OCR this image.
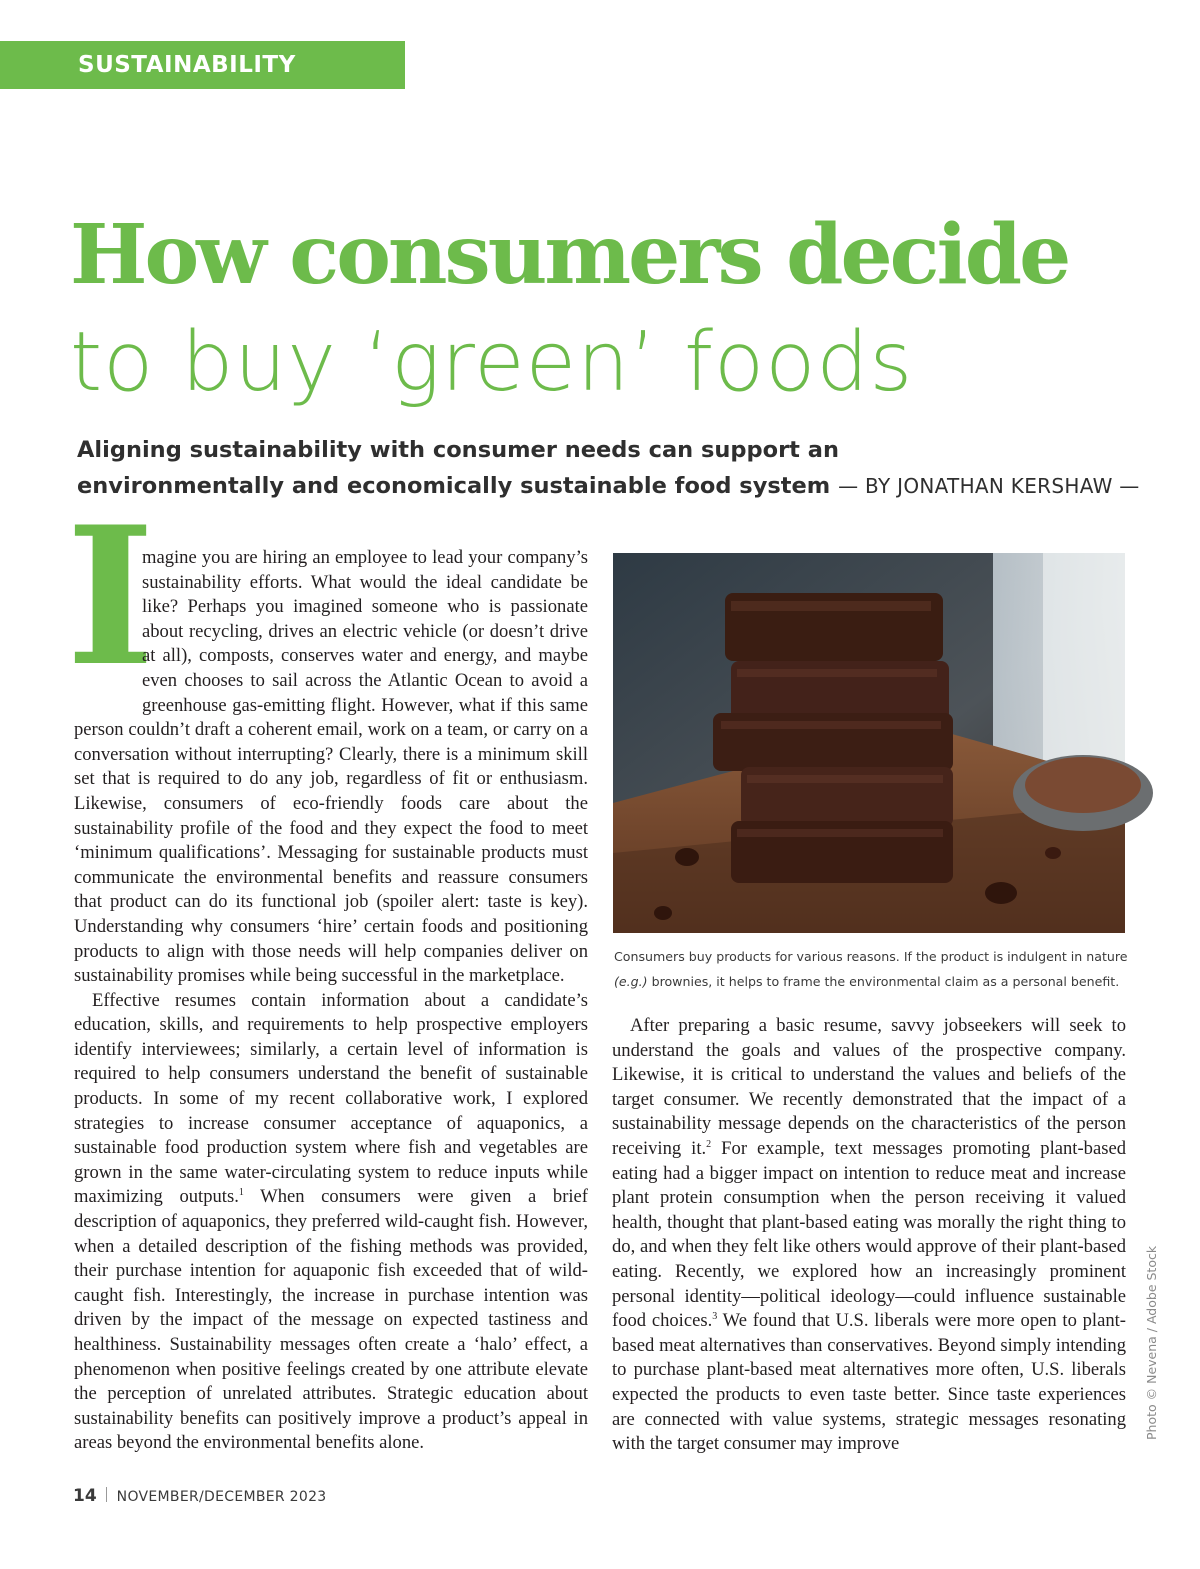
SUSTAINABILITY
How consumers decide
to buy ‘green’ foods
Aligning sustainability with consumer needs can support an
environmentally and economically sustainable food system — BY JONATHAN KERSHAW —

I
magine you are hiring an employee to lead your company’s sustainability efforts. What would the ideal candidate be like? Perhaps you imagined someone who is passionate about recycling, drives an electric vehicle (or doesn’t drive at all), composts, conserves water and energy, and maybe even chooses to sail across the Atlantic Ocean to avoid a greenhouse gas-emitting flight. However, what if this same person couldn’t draft a coherent email, work on a team, or carry on a conversation without interrupting? Clearly, there is a minimum skill set that is required to do any job, regardless of fit or enthusiasm. Likewise, consumers of eco-friendly foods care about the sustainability profile of the food and they expect the food to meet ‘minimum qualifications’. Messaging for sustainable products must communicate the environmental benefits and reassure consumers that product can do its functional job (spoiler alert: taste is key). Understanding why consumers ‘hire’ certain foods and positioning products to align with those needs will help companies deliver on sustainability promises while being successful in the marketplace.

Effective resumes contain information about a candidate’s education, skills, and requirements to help prospective employers identify interviewees; similarly, a certain level of information is required to help consumers understand the benefit of sustainable products. In some of my recent collaborative work, I explored strategies to increase consumer acceptance of aquaponics, a sustainable food production system where fish and vegetables are grown in the same water-circulating system to reduce inputs while maximizing outputs.$^1$ When consumers were given a brief description of aquaponics, they preferred wild-caught fish. However, when a detailed description of the fishing methods was provided, their purchase intention for aquaponic fish exceeded that of wild-caught fish. Interestingly, the increase in purchase intention was driven by the impact of the message on expected tastiness and healthiness. Sustainability messages often create a ‘halo’ effect, a phenomenon when positive feelings created by one attribute elevate the perception of unrelated attributes. Strategic education about sustainability benefits can positively improve a product’s appeal in areas beyond the environmental benefits alone.

Consumers buy products for various reasons. If the product is indulgent in nature
(e.g.) brownies, it helps to frame the environmental claim as a personal benefit.

After preparing a basic resume, savvy jobseekers will seek to understand the goals and values of the prospective company. Likewise, it is critical to understand the values and beliefs of the target consumer. We recently demonstrated that the impact of a sustainability message depends on the characteristics of the person receiving it.$^2$ For example, text messages promoting plant-based eating had a bigger impact on intention to reduce meat and increase plant protein consumption when the person receiving it valued health, thought that plant-based eating was morally the right thing to do, and when they felt like others would approve of their plant-based eating. Recently, we explored how an increasingly prominent personal identity—political ideology—could influence sustainable food choices.$^3$ We found that U.S. liberals were more open to plant-based meat alternatives than conservatives. Beyond simply intending to purchase plant-based meat alternatives more often, U.S. liberals expected the products to even taste better. Since taste experiences are connected with value systems, strategic messages resonating with the target consumer may improve

Photo © Nevena / Adobe Stock
14 NOVEMBER/DECEMBER 2023
